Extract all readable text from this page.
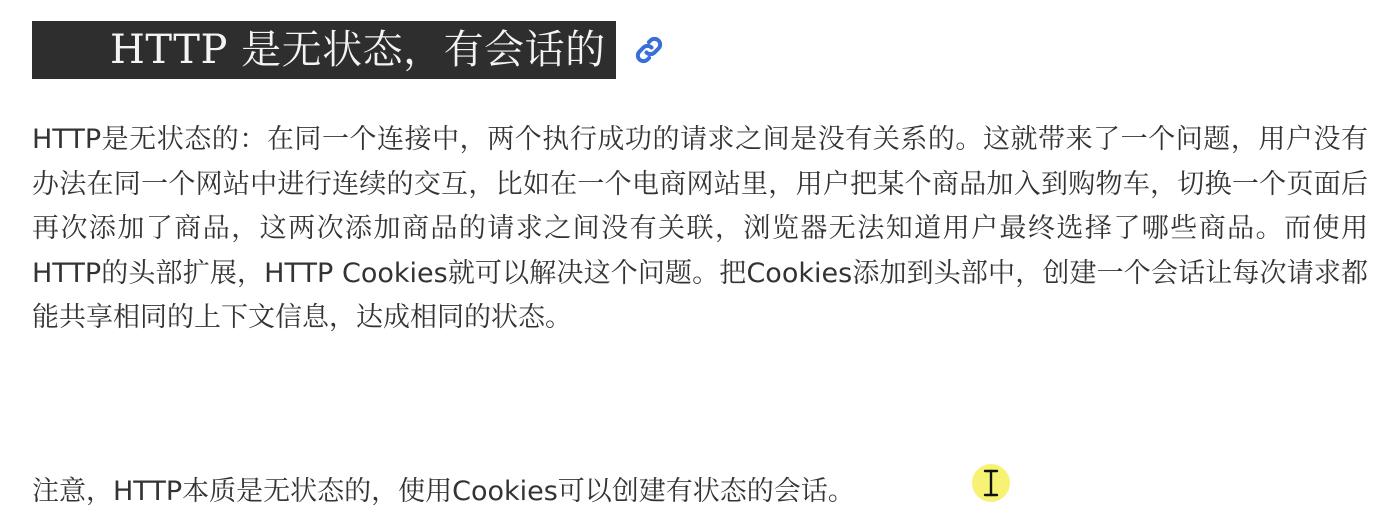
HTTP 是无状态，有会话的

HTTP是无状态的：在同一个连接中，两个执行成功的请求之间是没有关系的。这就带来了一个问题，用户没有办法在同一个网站中进行连续的交互，比如在一个电商网站里，用户把某个商品加入到购物车，切换一个页面后再次添加了商品，这两次添加商品的请求之间没有关联，浏览器无法知道用户最终选择了哪些商品。而使用HTTP的头部扩展，HTTP Cookies就可以解决这个问题。把Cookies添加到头部中，创建一个会话让每次请求都能共享相同的上下文信息，达成相同的状态。

注意，HTTP本质是无状态的，使用Cookies可以创建有状态的会话。
